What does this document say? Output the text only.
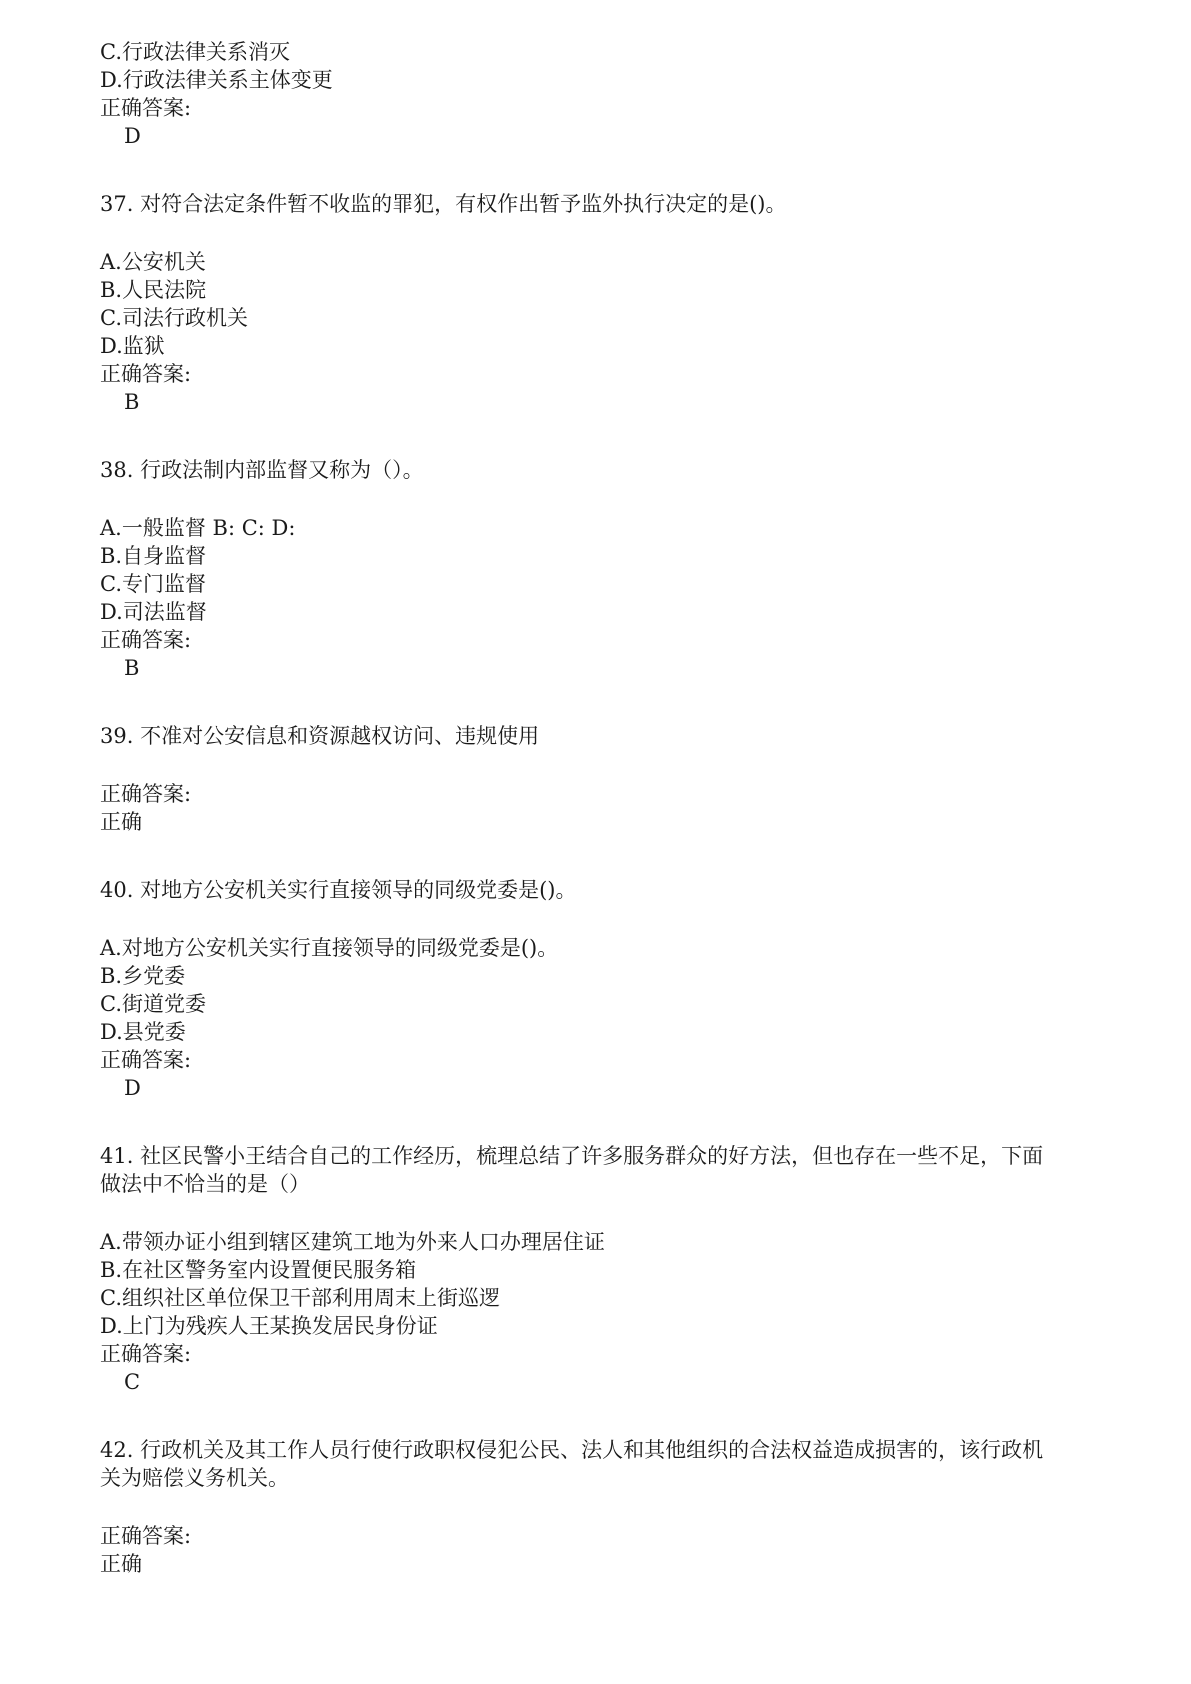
C.行政法律关系消灭
D.行政法律关系主体变更
正确答案:
D
37. 对符合法定条件暂不收监的罪犯，有权作出暂予监外执行决定的是()。
A.公安机关
B.人民法院
C.司法行政机关
D.监狱
正确答案:
B
38. 行政法制内部监督又称为（）。
A.一般监督 B: C: D:
B.自身监督
C.专门监督
D.司法监督
正确答案:
B
39. 不准对公安信息和资源越权访问、违规使用
正确答案:
正确
40. 对地方公安机关实行直接领导的同级党委是()。
A.对地方公安机关实行直接领导的同级党委是()。
B.乡党委
C.街道党委
D.县党委
正确答案:
D
41. 社区民警小王结合自己的工作经历，梳理总结了许多服务群众的好方法，但也存在一些不足，下面
做法中不恰当的是（）
A.带领办证小组到辖区建筑工地为外来人口办理居住证
B.在社区警务室内设置便民服务箱
C.组织社区单位保卫干部利用周末上街巡逻
D.上门为残疾人王某换发居民身份证
正确答案:
C
42. 行政机关及其工作人员行使行政职权侵犯公民、法人和其他组织的合法权益造成损害的，该行政机
关为赔偿义务机关。
正确答案:
正确
